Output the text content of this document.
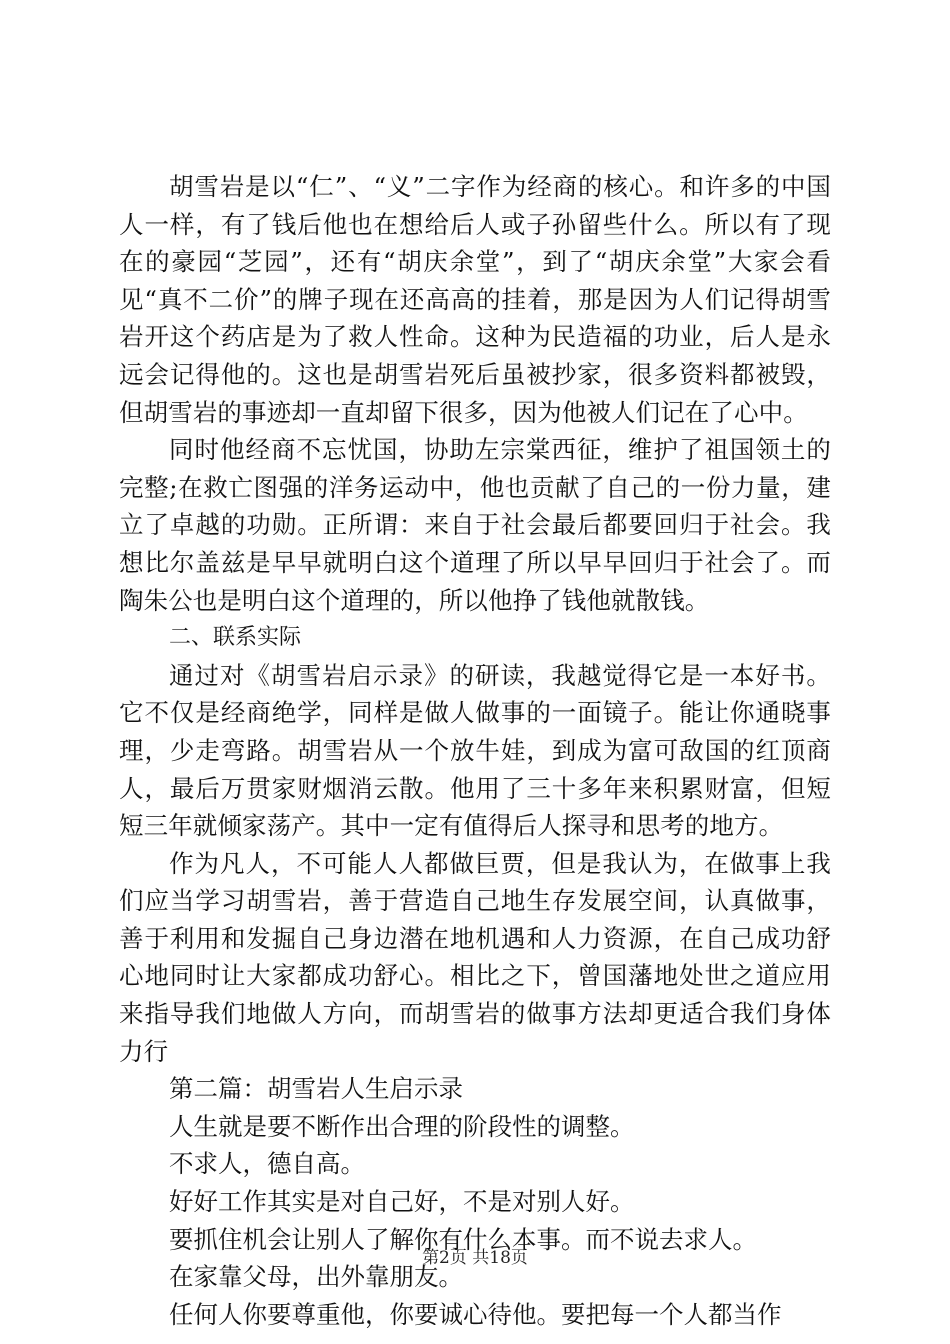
胡雪岩是以“仁”、“义”二字作为经商的核心。和许多的中国人一样，有了钱后他也在想给后人或子孙留些什么。所以有了现在的豪园“芝园”，还有“胡庆余堂”，到了“胡庆余堂”大家会看见“真不二价”的牌子现在还高高的挂着，那是因为人们记得胡雪岩开这个药店是为了救人性命。这种为民造福的功业，后人是永远会记得他的。这也是胡雪岩死后虽被抄家，很多资料都被毁，但胡雪岩的事迹却一直却留下很多，因为他被人们记在了心中。

同时他经商不忘忧国，协助左宗棠西征，维护了祖国领土的完整;在救亡图强的洋务运动中，他也贡献了自己的一份力量，建立了卓越的功勋。正所谓：来自于社会最后都要回归于社会。我想比尔盖兹是早早就明白这个道理了所以早早回归于社会了。而陶朱公也是明白这个道理的，所以他挣了钱他就散钱。

二、联系实际

通过对《胡雪岩启示录》的研读，我越觉得它是一本好书。它不仅是经商绝学，同样是做人做事的一面镜子。能让你通晓事理，少走弯路。胡雪岩从一个放牛娃，到成为富可敌国的红顶商人，最后万贯家财烟消云散。他用了三十多年来积累财富，但短短三年就倾家荡产。其中一定有值得后人探寻和思考的地方。

作为凡人，不可能人人都做巨贾，但是我认为，在做事上我们应当学习胡雪岩，善于营造自己地生存发展空间，认真做事，善于利用和发掘自己身边潜在地机遇和人力资源，在自己成功舒心地同时让大家都成功舒心。相比之下，曾国藩地处世之道应用来指导我们地做人方向，而胡雪岩的做事方法却更适合我们身体力行

第二篇：胡雪岩人生启示录

人生就是要不断作出合理的阶段性的调整。

不求人，德自高。

好好工作其实是对自己好，不是对别人好。

要抓住机会让别人了解你有什么本事。而不说去求人。

在家靠父母，出外靠朋友。

任何人你要尊重他，你要诚心待他。要把每一个人都当作

第2页 共18页
